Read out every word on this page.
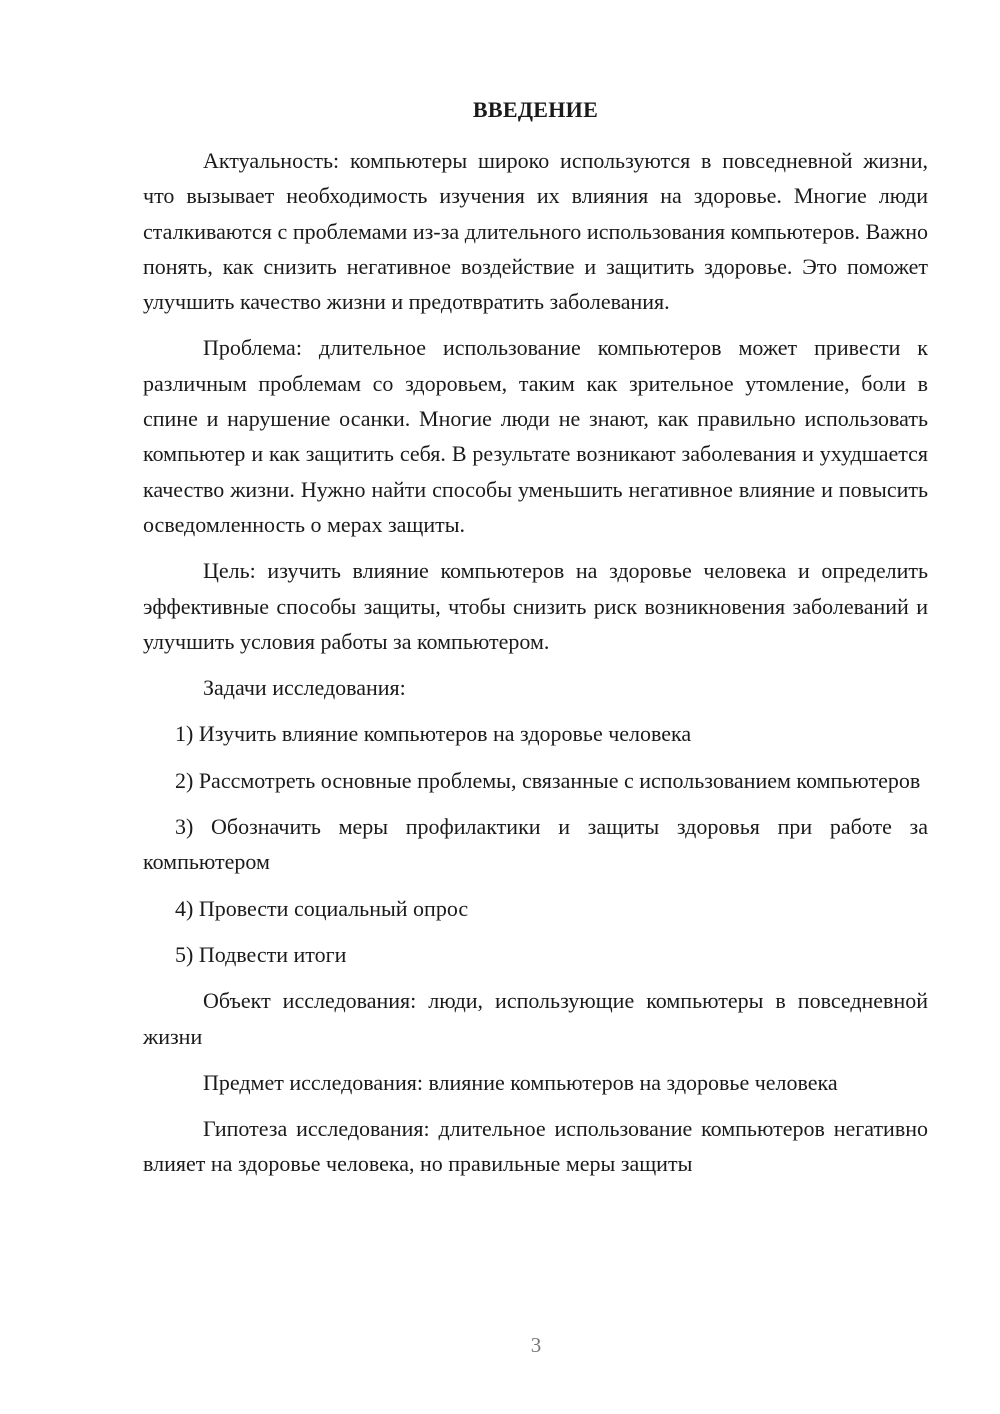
ВВЕДЕНИЕ

Актуальность: компьютеры широко используются в повседневной жизни, что вызывает необходимость изучения их влияния на здоровье. Многие люди сталкиваются с проблемами из-за длительного использования компьютеров. Важно понять, как снизить негативное воздействие и защитить здоровье. Это поможет улучшить качество жизни и предотвратить заболевания.

Проблема: длительное использование компьютеров может привести к различным проблемам со здоровьем, таким как зрительное утомление, боли в спине и нарушение осанки. Многие люди не знают, как правильно использовать компьютер и как защитить себя. В результате возникают заболевания и ухудшается качество жизни. Нужно найти способы уменьшить негативное влияние и повысить осведомленность о мерах защиты.

Цель: изучить влияние компьютеров на здоровье человека и определить эффективные способы защиты, чтобы снизить риск возникновения заболеваний и улучшить условия работы за компьютером.

Задачи исследования:

1) Изучить влияние компьютеров на здоровье человека

2) Рассмотреть основные проблемы, связанные с использованием компьютеров

3) Обозначить меры профилактики и защиты здоровья при работе за компьютером

4) Провести социальный опрос

5) Подвести итоги

Объект исследования: люди, использующие компьютеры в повседневной жизни

Предмет исследования: влияние компьютеров на здоровье человека

Гипотеза исследования: длительное использование компьютеров негативно влияет на здоровье человека, но правильные меры защиты

3
